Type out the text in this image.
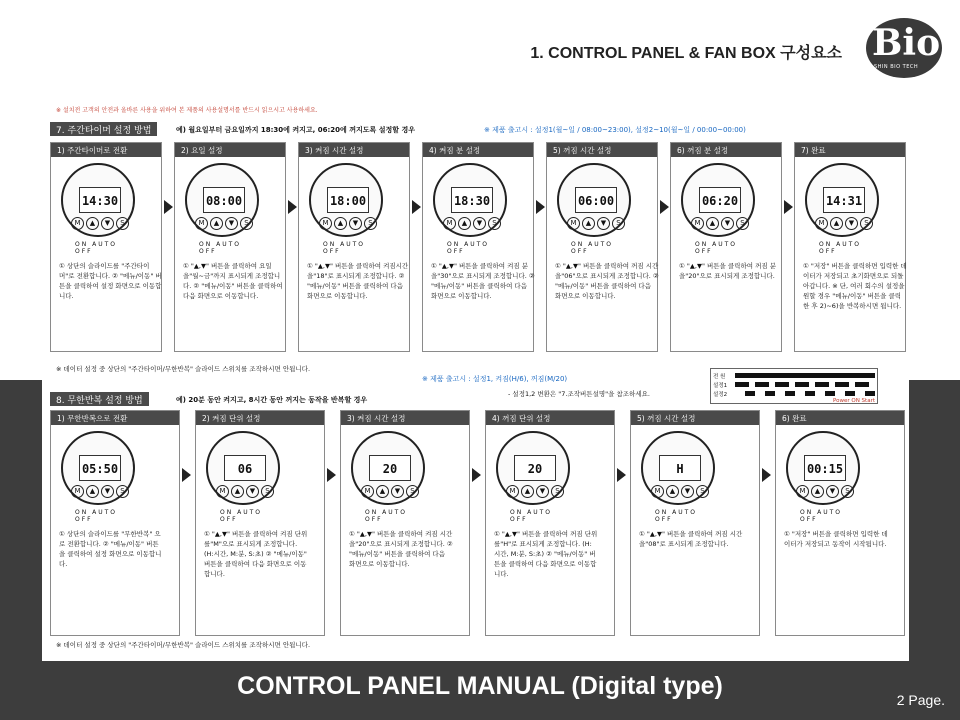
1. CONTROL PANEL & FAN BOX 구성요소 Bio
SHIN BIO TECH
※ 설치전 고객의 안전과 올바른 사용을 위하여 본 제품의 사용설명서를 반드시 읽으시고 사용하세요.
7. 주간타이머 설정 방법	예) 월요일부터 금요일까지 18:30에 켜지고, 06:20에 꺼지도록 설정할 경우	※ 제품 출고시 : 설정1(월~일 / 08:00~23:00), 설정2~10(월~일 / 00:00~00:00)
1) 주간타이머로 전환
14:30
M	▲	▼	S
ON AUTO OFF
① 상단의 슬라이드를 "주간타이머"로 전환합니다. ② "메뉴/이동" 버튼을 클릭하여 설정 화면으로 이동합니다.
2) 요일 설정
08:00
M	▲	▼	S
ON AUTO OFF
① "▲,▼" 버튼을 클릭하여 요일을"월~금"까지 표시되게 조정합니다. ② "메뉴/이동" 버튼을 클릭하여 다음 화면으로 이동합니다.
3) 켜짐 시간 설정
18:00
M	▲	▼	S
ON AUTO OFF
① "▲,▼" 버튼을 클릭하여 켜짐시간을"18"로 표시되게 조정합니다. ② "메뉴/이동" 버튼을 클릭하여 다음 화면으로 이동합니다.
4) 켜짐 분 설정
18:30
M	▲	▼	S
ON AUTO OFF
① "▲,▼" 버튼을 클릭하여 켜짐 분을"30"으로 표시되게 조정합니다. ② "메뉴/이동" 버튼을 클릭하여 다음 화면으로 이동합니다.
5) 꺼짐 시간 설정
06:00
M	▲	▼	S
ON AUTO OFF
① "▲,▼" 버튼을 클릭하여 꺼짐 시간을"06"으로 표시되게 조정합니다. ② "메뉴/이동" 버튼을 클릭하여 다음 화면으로 이동합니다.
6) 꺼짐 분 설정
06:20
M	▲	▼	S
ON AUTO OFF
① "▲,▼" 버튼을 클릭하여 꺼짐 분을"20"으로 표시되게 조정합니다.
7) 완료
14:31
M	▲	▼	S
ON AUTO OFF
① "저장" 버튼을 클릭하면 입력한 데이터가 저장되고 초기화면으로 되돌아갑니다. ※ 단, 여러 회수의 설정을 원할 경우 "메뉴/이동" 버튼을 클릭한 후 2)~6)을 반복하시면 됩니다.
※ 데이터 설정 중 상단의 "주간타이머/무한반복" 슬라이드 스위치를 조작하시면 안됩니다.
※ 제품 출고시 : 설정1, 켜짐(H/6), 꺼짐(M/20)
- 설정1,2 변환은 "7.조작버튼설명"을 참조하세요.
전 원
설정1
설정2
Power ON Start
8. 무한반복 설정 방법	예) 20분 동안 켜지고, 8시간 동안 꺼지는 동작을 반복할 경우
1) 무한반복으로 전환
05:50
M	▲	▼	S
ON AUTO OFF
① 상단의 슬라이드를 "무한반복" 으로 전환합니다. ② "메뉴/이동" 버튼을 클릭하여 설정 화면으로 이동합니다.
2) 켜짐 단위 설정
06
M	▲	▼	S
ON AUTO OFF
① "▲,▼" 버튼을 클릭하여 켜짐 단위를"M"으로 표시되게 조정합니다. (H:시간, M:분, S:초) ② "메뉴/이동" 버튼을 클릭하여 다음 화면으로 이동합니다.
3) 켜짐 시간 설정
20
M	▲	▼	S
ON AUTO OFF
① "▲,▼" 버튼을 클릭하여 켜짐 시간을"20"으로 표시되게 조정합니다. ② "메뉴/이동" 버튼을 클릭하여 다음 화면으로 이동합니다.
4) 꺼짐 단위 설정
20
M	▲	▼	S
ON AUTO OFF
① "▲,▼" 버튼을 클릭하여 꺼짐 단위를"H"로 표시되게 조정합니다. (H:시간, M:분, S:초) ② "메뉴/이동" 버튼을 클릭하여 다음 화면으로 이동합니다.
5) 꺼짐 시간 설정
H
M	▲	▼	S
ON AUTO OFF
① "▲,▼" 버튼을 클릭하여 꺼짐 시간을"08"로 표시되게 조정합니다.
6) 완료
00:15
M	▲	▼	S
ON AUTO OFF
① "저장" 버튼을 클릭하면 입력한 데이터가 저장되고 동작이 시작됩니다.
※ 데이터 설정 중 상단의 "주간타이머/무한반복" 슬라이드 스위치를 조작하시면 안됩니다.
CONTROL PANEL MANUAL (Digital type)	2 Page.
